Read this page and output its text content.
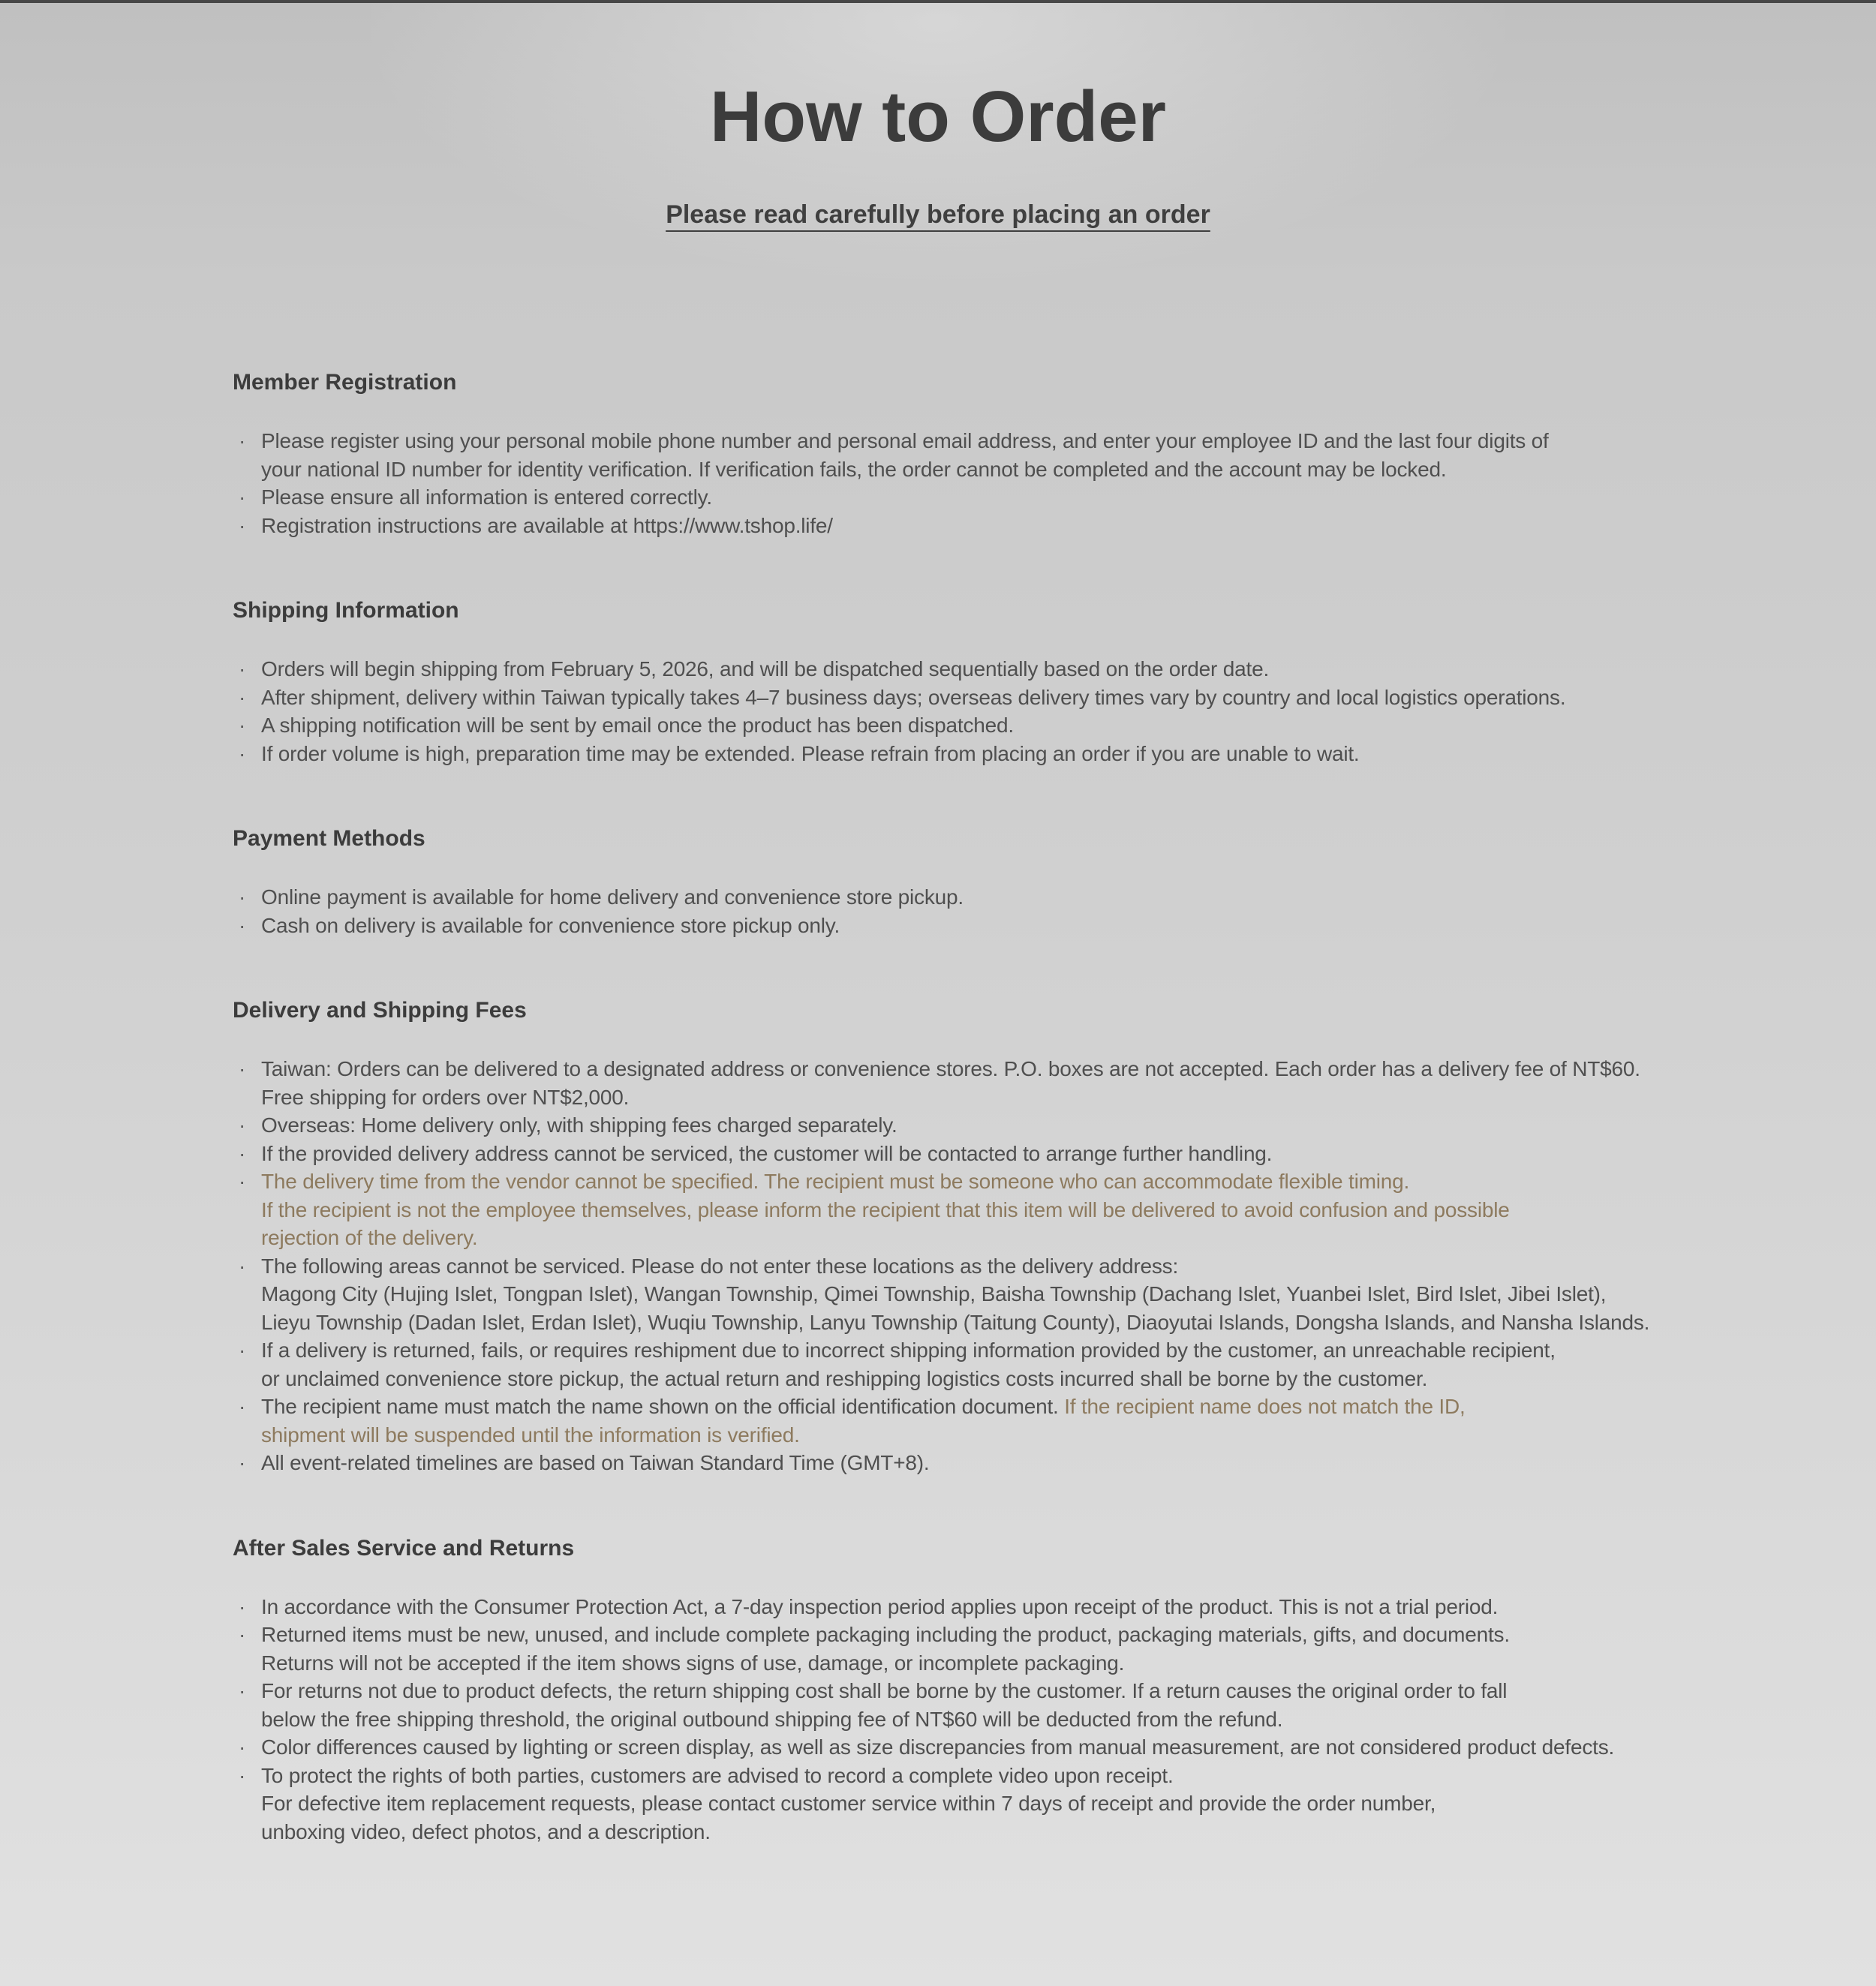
How to Order
Please read carefully before placing an order
Member Registration
· Please register using your personal mobile phone number and personal email address, and enter your employee ID and the last four digits of
your national ID number for identity verification. If verification fails, the order cannot be completed and the account may be locked.
· Please ensure all information is entered correctly.
· Registration instructions are available at https://www.tshop.life/
Shipping Information
· Orders will begin shipping from February 5, 2026, and will be dispatched sequentially based on the order date.
· After shipment, delivery within Taiwan typically takes 4–7 business days; overseas delivery times vary by country and local logistics operations.
· A shipping notification will be sent by email once the product has been dispatched.
· If order volume is high, preparation time may be extended. Please refrain from placing an order if you are unable to wait.
Payment Methods
· Online payment is available for home delivery and convenience store pickup.
· Cash on delivery is available for convenience store pickup only.
Delivery and Shipping Fees
· Taiwan: Orders can be delivered to a designated address or convenience stores. P.O. boxes are not accepted. Each order has a delivery fee of NT$60.
Free shipping for orders over NT$2,000.
· Overseas: Home delivery only, with shipping fees charged separately.
· If the provided delivery address cannot be serviced, the customer will be contacted to arrange further handling.
· The delivery time from the vendor cannot be specified. The recipient must be someone who can accommodate flexible timing.
If the recipient is not the employee themselves, please inform the recipient that this item will be delivered to avoid confusion and possible
rejection of the delivery.
· The following areas cannot be serviced. Please do not enter these locations as the delivery address:
Magong City (Hujing Islet, Tongpan Islet), Wangan Township, Qimei Township, Baisha Township (Dachang Islet, Yuanbei Islet, Bird Islet, Jibei Islet),
Lieyu Township (Dadan Islet, Erdan Islet), Wuqiu Township, Lanyu Township (Taitung County), Diaoyutai Islands, Dongsha Islands, and Nansha Islands.
· If a delivery is returned, fails, or requires reshipment due to incorrect shipping information provided by the customer, an unreachable recipient,
or unclaimed convenience store pickup, the actual return and reshipping logistics costs incurred shall be borne by the customer.
· The recipient name must match the name shown on the official identification document. If the recipient name does not match the ID,
shipment will be suspended until the information is verified.
· All event-related timelines are based on Taiwan Standard Time (GMT+8).
After Sales Service and Returns
· In accordance with the Consumer Protection Act, a 7-day inspection period applies upon receipt of the product. This is not a trial period.
· Returned items must be new, unused, and include complete packaging including the product, packaging materials, gifts, and documents.
Returns will not be accepted if the item shows signs of use, damage, or incomplete packaging.
· For returns not due to product defects, the return shipping cost shall be borne by the customer. If a return causes the original order to fall
below the free shipping threshold, the original outbound shipping fee of NT$60 will be deducted from the refund.
· Color differences caused by lighting or screen display, as well as size discrepancies from manual measurement, are not considered product defects.
· To protect the rights of both parties, customers are advised to record a complete video upon receipt.
For defective item replacement requests, please contact customer service within 7 days of receipt and provide the order number,
unboxing video, defect photos, and a description.
